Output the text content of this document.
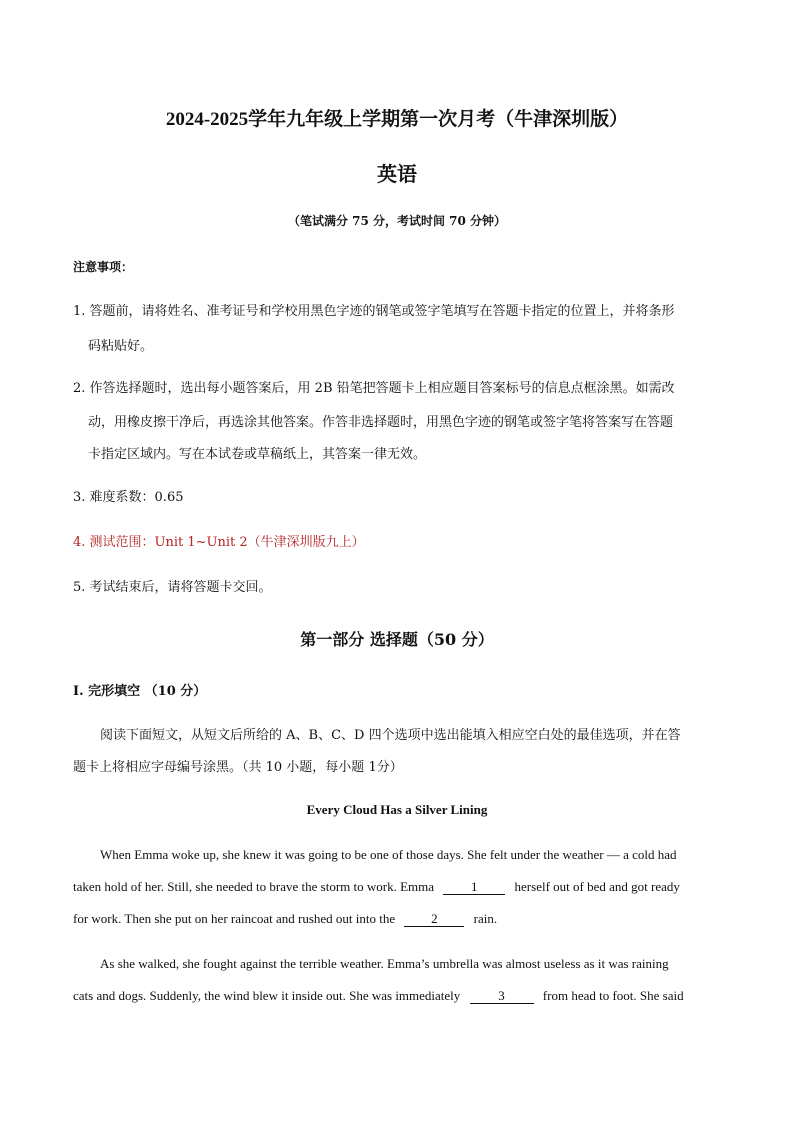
2024-2025学年九年级上学期第一次月考（牛津深圳版）
英语
（笔试满分 75 分，考试时间 70 分钟）
注意事项：
1. 答题前，请将姓名、准考证号和学校用黑色字迹的钢笔或签字笔填写在答题卡指定的位置上，并将条形
码粘贴好。
2. 作答选择题时，选出每小题答案后，用 2B 铅笔把答题卡上相应题目答案标号的信息点框涂黑。如需改
动，用橡皮擦干净后，再选涂其他答案。作答非选择题时，用黑色字迹的钢笔或签字笔将答案写在答题
卡指定区域内。写在本试卷或草稿纸上，其答案一律无效。
3. 难度系数：0.65
4. 测试范围：Unit 1~Unit 2（牛津深圳版九上）
5. 考试结束后，请将答题卡交回。
第一部分 选择题（50 分）
I. 完形填空 （10 分）
阅读下面短文，从短文后所给的 A、B、C、D 四个选项中选出能填入相应空白处的最佳选项，并在答
题卡上将相应字母编号涂黑。（共 10 小题，每小题 1分）
Every Cloud Has a Silver Lining
When Emma woke up, she knew it was going to be one of those days. She felt under the weather — a cold had
taken hold of her. Still, she needed to brave the storm to work. Emma	1	herself out of bed and got ready
for work. Then she put on her raincoat and rushed out into the	2	rain.
As she walked, she fought against the terrible weather. Emma’s umbrella was almost useless as it was raining
cats and dogs. Suddenly, the wind blew it inside out. She was immediately	3	from head to foot. She said
